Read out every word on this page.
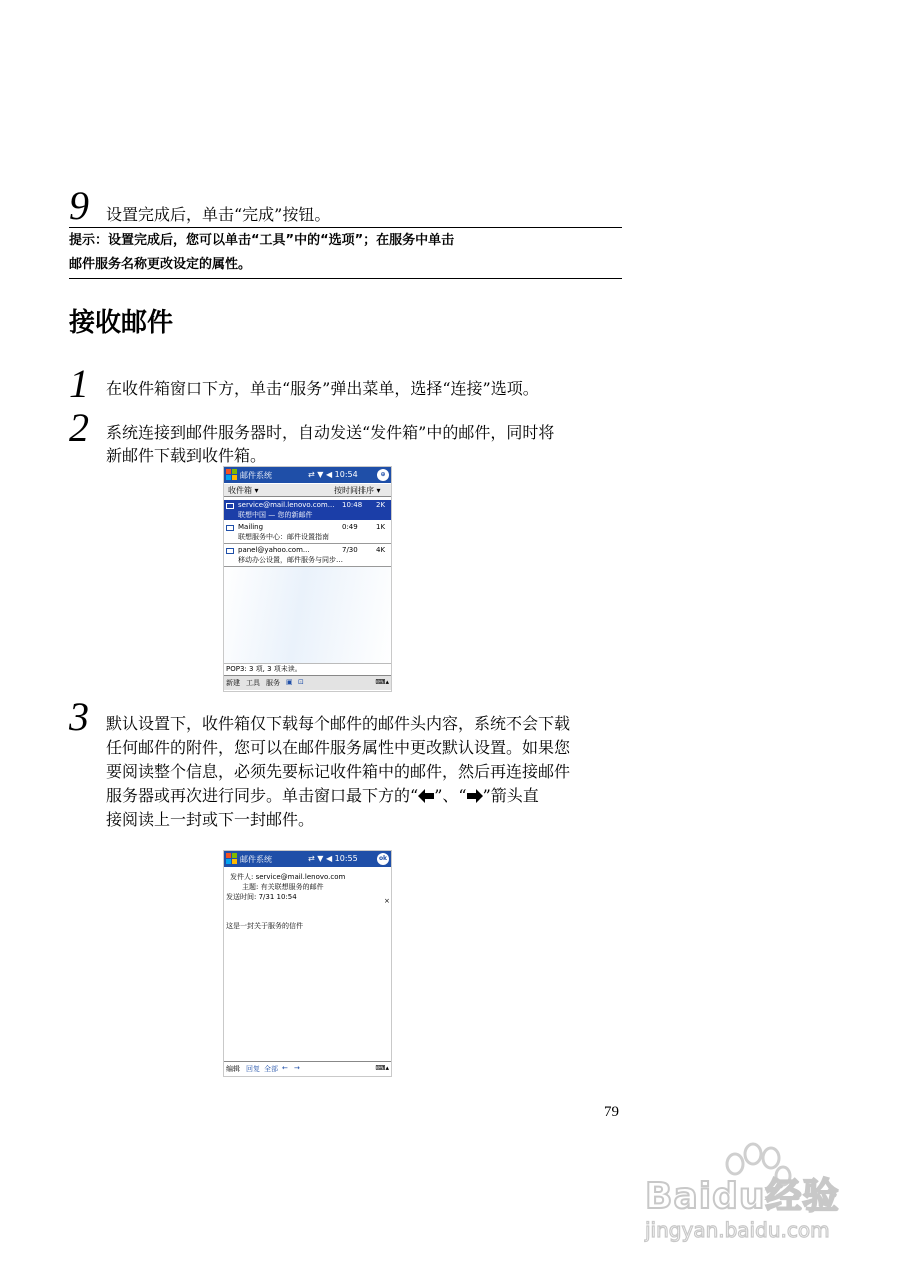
9 设置完成后，单击“完成”按钮。
提示：设置完成后，您可以单击“工具”中的“选项”；在服务中单击
邮件服务名称更改设定的属性。
接收邮件
1 在收件箱窗口下方，单击“服务”弹出菜单，选择“连接”选项。
2 系统连接到邮件服务器时，自动发送“发件箱”中的邮件，同时将
新邮件下载到收件箱。
邮件系统	⇄ ▼ ◀ 10:54	⊕
收件箱 ▾	按时间排序 ▾
service@mail.lenovo.com...	10:48 2K
联想中国 — 您的新邮件
Mailing	0:49	1K
联想服务中心：邮件设置指南
panel@yahoo.com...	7/30	4K
移动办公设置，邮件服务与同步…
POP3: 3 项, 3 项未读。
新建 工具 服务 ▣ ⊡	⌨▴
3 默认设置下，收件箱仅下载每个邮件的邮件头内容，系统不会下载
任何邮件的附件，您可以在邮件服务属性中更改默认设置。如果您
要阅读整个信息，必须先要标记收件箱中的邮件，然后再连接邮件
服务器或再次进行同步。单击窗口最下方的“ ”、“ ”箭头直
接阅读上一封或下一封邮件。
邮件系统	⇄ ▼ ◀ 10:55	ok
发件人: service@mail.lenovo.com
主题: 有关联想服务的邮件
发送时间: 7/31 10:54	×
这是一封关于服务的信件
编辑 回复 全部 ← →	⌨▴
79
Baidu经验
jingyan.baidu.com
